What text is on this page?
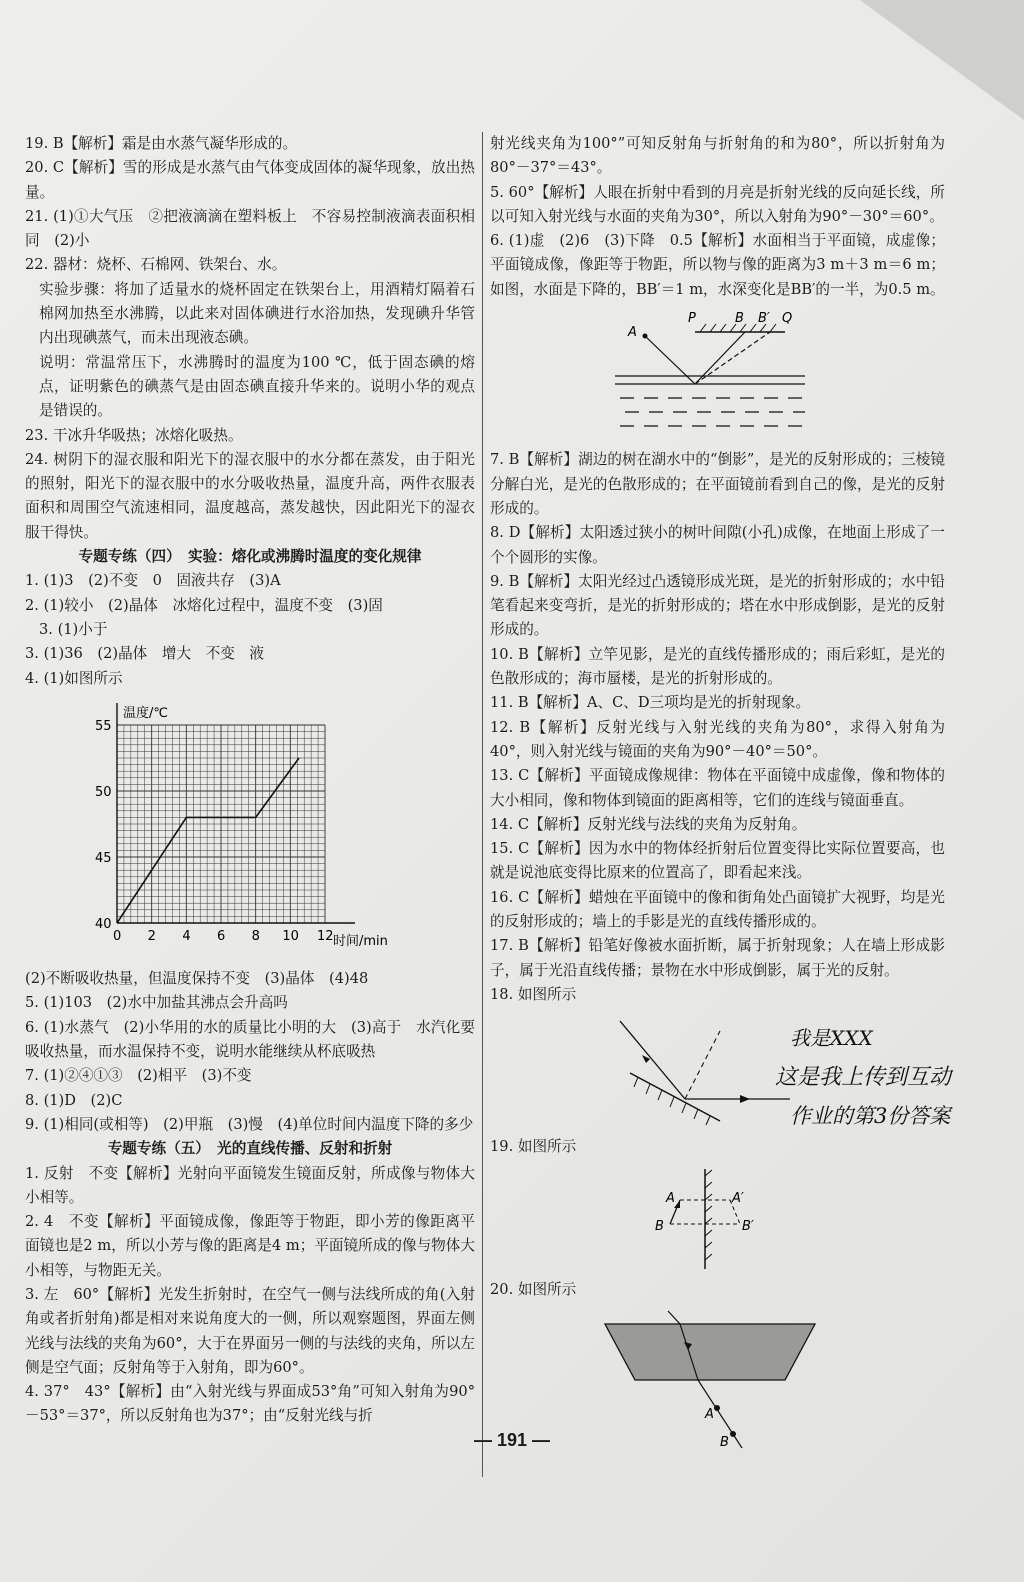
19. B【解析】霜是由水蒸气凝华形成的。

20. C【解析】雪的形成是水蒸气由气体变成固体的凝华现象，放出热量。

21. (1)①大气压　②把液滴滴在塑料板上　不容易控制液滴表面积相同　(2)小

22. 器材：烧杯、石棉网、铁架台、水。

实验步骤：将加了适量水的烧杯固定在铁架台上，用酒精灯隔着石棉网加热至水沸腾，以此来对固体碘进行水浴加热，发现碘升华管内出现碘蒸气，而未出现液态碘。

说明：常温常压下，水沸腾时的温度为100 ℃，低于固态碘的熔点，证明紫色的碘蒸气是由固态碘直接升华来的。说明小华的观点是错误的。

23. 干冰升华吸热；冰熔化吸热。

24. 树阴下的湿衣服和阳光下的湿衣服中的水分都在蒸发，由于阳光的照射，阳光下的湿衣服中的水分吸收热量，温度升高，两件衣服表面积和周围空气流速相同，温度越高，蒸发越快，因此阳光下的湿衣服干得快。

专题专练（四）　实验：熔化或沸腾时温度的变化规律

1. (1)3　(2)不变　0　固液共存　(3)A

2. (1)较小　(2)晶体　冰熔化过程中，温度不变　(3)固

3. (1)小于

3. (1)36　(2)晶体　增大　不变　液

4. (1)如图所示

0 2 4 6 8 10 12
40
45
50
55
温度/℃
时间/min

(2)不断吸收热量，但温度保持不变　(3)晶体　(4)48

5. (1)103　(2)水中加盐其沸点会升高吗

6. (1)水蒸气　(2)小华用的水的质量比小明的大　(3)高于　水汽化要吸收热量，而水温保持不变，说明水能继续从杯底吸热

7. (1)②④①③　(2)相平　(3)不变

8. (1)D　(2)C

9. (1)相同(或相等)　(2)甲瓶　(3)慢　(4)单位时间内温度下降的多少

专题专练（五）　光的直线传播、反射和折射

1. 反射　不变【解析】光射向平面镜发生镜面反射，所成像与物体大小相等。

2. 4　不变【解析】平面镜成像，像距等于物距，即小芳的像距离平面镜也是2 m，所以小芳与像的距离是4 m；平面镜所成的像与物体大小相等，与物距无关。

3. 左　60°【解析】光发生折射时，在空气一侧与法线所成的角(入射角或者折射角)都是相对来说角度大的一侧，所以观察题图，界面左侧光线与法线的夹角为60°，大于在界面另一侧的与法线的夹角，所以左侧是空气面；反射角等于入射角，即为60°。

4. 37°　43°【解析】由“入射光线与界面成53°角”可知入射角为90°－53°＝37°，所以反射角也为37°；由“反射光线与折

射光线夹角为100°”可知反射角与折射角的和为80°，所以折射角为80°－37°＝43°。

5. 60°【解析】人眼在折射中看到的月亮是折射光线的反向延长线，所以可知入射光线与水面的夹角为30°，所以入射角为90°－30°＝60°。

6. (1)虚　(2)6　(3)下降　0.5【解析】水面相当于平面镜，成虚像；平面镜成像，像距等于物距，所以物与像的距离为3 m＋3 m＝6 m；如图，水面是下降的，BB′＝1 m，水深变化是BB′的一半，为0.5 m。

P	B B′ Q
A

7. B【解析】湖边的树在湖水中的“倒影”，是光的反射形成的；三棱镜分解白光，是光的色散形成的；在平面镜前看到自己的像，是光的反射形成的。

8. D【解析】太阳透过狭小的树叶间隙(小孔)成像，在地面上形成了一个个圆形的实像。

9. B【解析】太阳光经过凸透镜形成光斑，是光的折射形成的；水中铅笔看起来变弯折，是光的折射形成的；塔在水中形成倒影，是光的反射形成的。

10. B【解析】立竿见影，是光的直线传播形成的；雨后彩虹，是光的色散形成的；海市蜃楼，是光的折射形成的。

11. B【解析】A、C、D三项均是光的折射现象。

12. B【解析】反射光线与入射光线的夹角为80°，求得入射角为40°，则入射光线与镜面的夹角为90°－40°＝50°。

13. C【解析】平面镜成像规律：物体在平面镜中成虚像，像和物体的大小相同，像和物体到镜面的距离相等，它们的连线与镜面垂直。

14. C【解析】反射光线与法线的夹角为反射角。

15. C【解析】因为水中的物体经折射后位置变得比实际位置要高，也就是说池底变得比原来的位置高了，即看起来浅。

16. C【解析】蜡烛在平面镜中的像和街角处凸面镜扩大视野，均是光的反射形成的；墙上的手影是光的直线传播形成的。

17. B【解析】铅笔好像被水面折断，属于折射现象；人在墙上形成影子，属于光沿直线传播；景物在水中形成倒影，属于光的反射。

18. 如图所示

19. 如图所示

A	A′
B	B′

20. 如图所示

A
B
我是XXX
这是我上传到互动
作业的第3份答案
— 191 —
